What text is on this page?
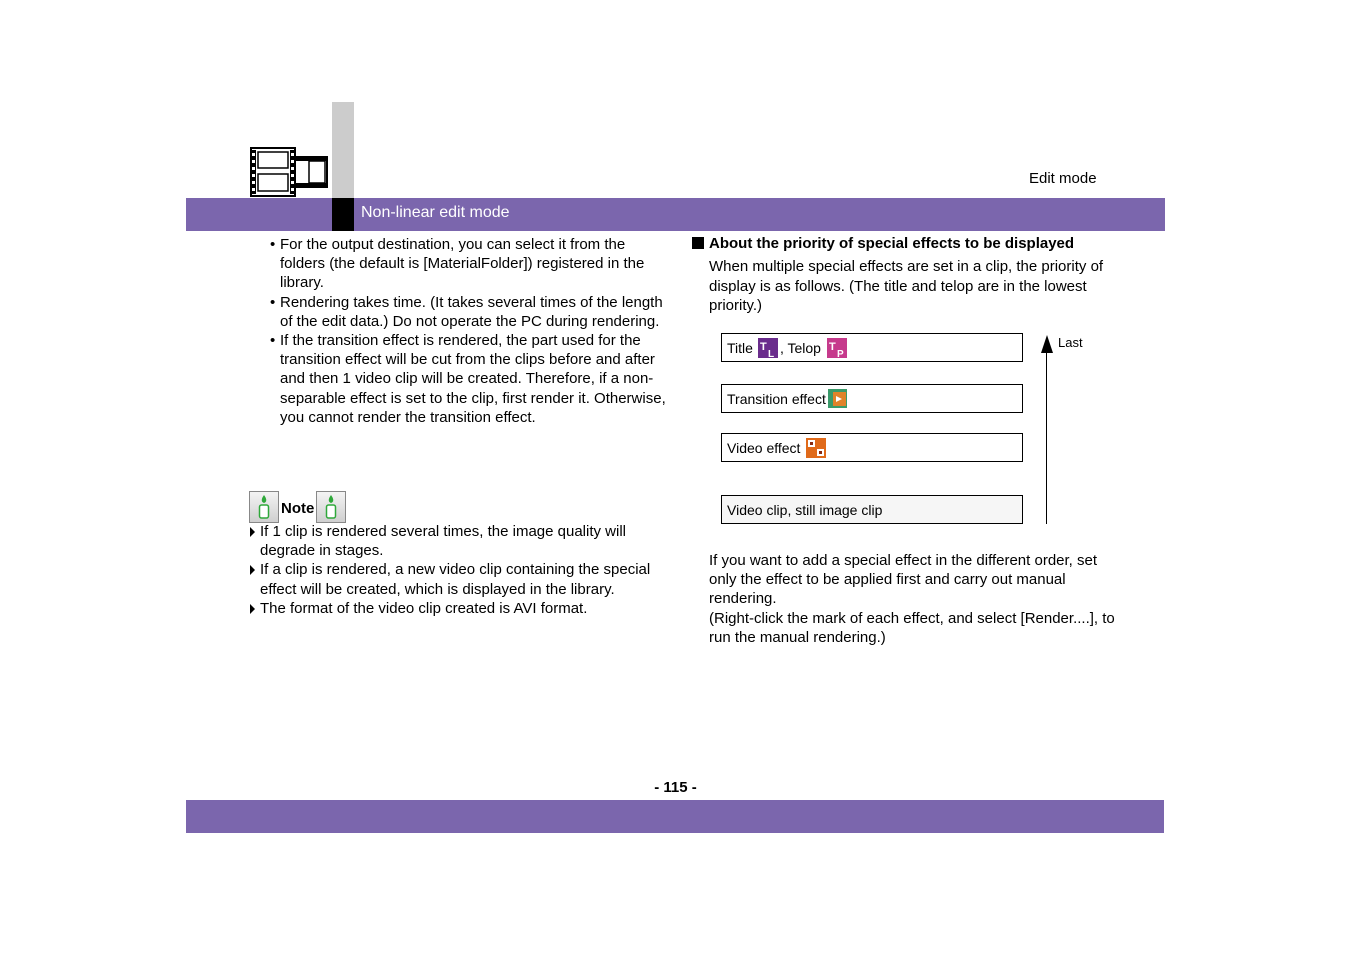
Edit mode
Non-linear edit mode
• For the output destination, you can select it from the folders (the default is [MaterialFolder]) registered in the library.
• Rendering takes time. (It takes several times of the length of the edit data.) Do not operate the PC during rendering.
• If the transition effect is rendered, the part used for the transition effect will be cut from the clips before and after and then 1 video clip will be created. Therefore, if a non-separable effect is set to the clip, first render it. Otherwise, you cannot render the transition effect.
Note
If 1 clip is rendered several times, the image quality will degrade in stages.
If a clip is rendered, a new video clip containing the special effect will be created, which is displayed in the library.
The format of the video clip created is AVI format.
About the priority of special effects to be displayed

When multiple special effects are set in a clip, the priority of display is as follows. (The title and telop are in the lowest priority.)

Title T
L , Telop T
P
Transition effect
Video effect
Video clip, still image clip
Last

If you want to add a special effect in the different order, set only the effect to be applied first and carry out manual rendering.

(Right-click the mark of each effect, and select [Render....], to run the manual rendering.)

- 115 -
